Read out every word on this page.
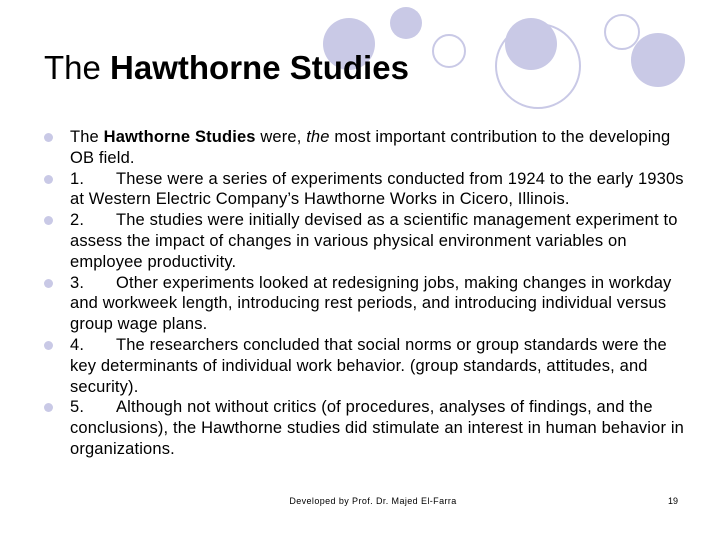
The Hawthorne Studies
The Hawthorne Studies were, the most important contribution to the developing OB field.
1. These were a series of experiments conducted from 1924 to the early 1930s at Western Electric Company’s Hawthorne Works in Cicero, Illinois.
2. The studies were initially devised as a scientific management experiment to assess the impact of changes in various physical environment variables on employee productivity.
3. Other experiments looked at redesigning jobs, making changes in workday and workweek length, introducing rest periods, and introducing individual versus group wage plans.
4. The researchers concluded that social norms or group standards were the key determinants of individual work behavior. (group standards, attitudes, and security).
5. Although not without critics (of procedures, analyses of findings, and the conclusions), the Hawthorne studies did stimulate an interest in human behavior in organizations.
Developed by Prof. Dr. Majed El-Farra	19
